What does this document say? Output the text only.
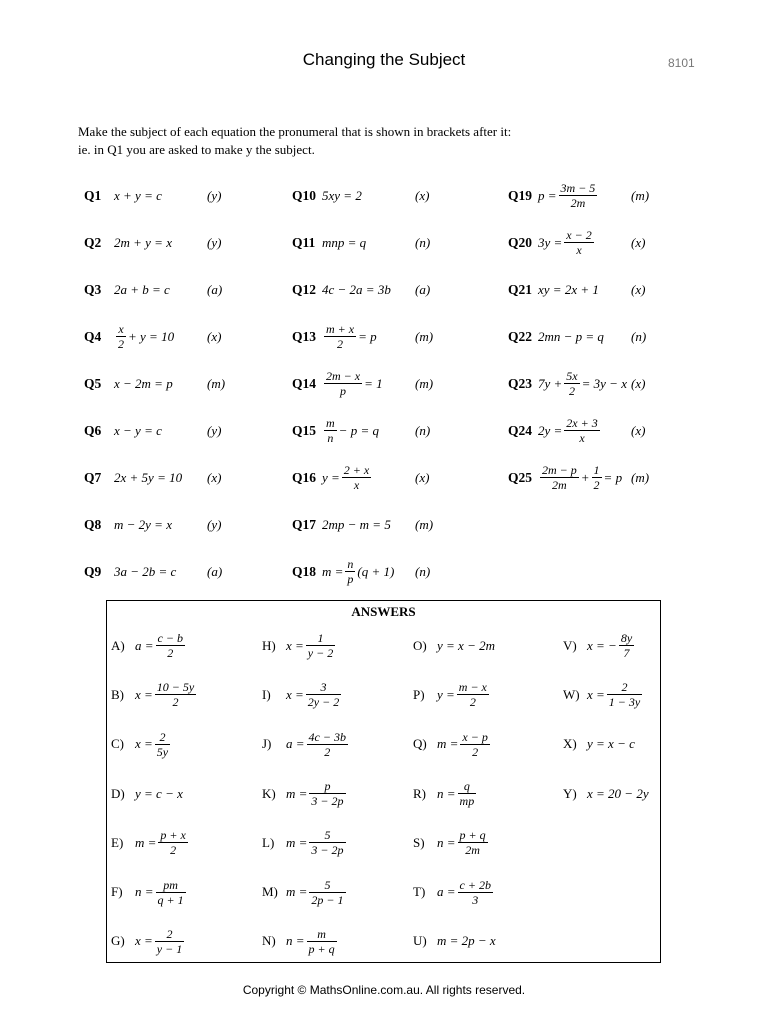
Changing the Subject	8101
Make the subject of each equation the pronumeral that is shown in brackets after it:
ie. in Q1 you are asked to make y the subject.
Q1 x + y = c	(y)
Q2 2m + y = x	(y)
Q3 2a + b = c	(a)
Q4	$\frac{x}{2} + y = 10$	(x)
Q5 x − 2m = p	(m)
Q6 x − y = c	(y)
Q7 2x + 5y = 10 (x)
Q8 m − 2y = x	(y)
Q9 3a − 2b = c (a)
Q10 5xy = 2	(x)
Q11 mnp = q	(n)
Q12 4c − 2a = 3b (a)
$Q13 \frac{m + x}{2} = p$	(m)
$Q14 \frac{2m - x}{p} = 1$ (m)
$Q15 \frac{m}{n} - p = q$	(n)
Q16 $y = \frac{2 + x}{x}$	(x)
Q17 2mp − m = 5 (m)
Q18 $m = \frac{n}{p} (q + 1)$ (n)
Q19 $p = \frac{3m - 5}{2m}$	(m)
Q20 $3y = \frac{x - 2}{x}$	(x)
Q21 xy = 2x + 1 (x)
Q22 2mn − p = q (n)
Q23 $7y + \frac{5x}{2} = 3y - x$ (x)
Q24 $2y = \frac{2x + 3}{x} (x)$
$Q25 \frac{2m - p}{2m} + \frac{1}{2} = p$ (m)
ANSWERS
A) $a = \frac{c - b}{2}$
B) $x = \frac{10 - 5y}{2}$
C) $x = \frac{2}{5y}$
D) y = c − x
E) $m = \frac{p + x}{2}$
F) $n = \frac{pm}{q + 1}$
G) $x = \frac{2}{y - 1}$
H) $x = \frac{1}{y - 2}$
I)	$x = \frac{3}{2y - 2}$
J)	$a = \frac{4c - 3b}{2}$
K) $m = \frac{p}{3 - 2p}$
L) $m = \frac{5}{3 - 2p}$
M) $m = \frac{5}{2p - 1}$
N) $n = \frac{m}{p + q}$
O) y = x − 2m
P) $y = \frac{m - x}{2}$
Q) $m = \frac{x - p}{2}$
R) $n = \frac{q}{mp}$
S) $n = \frac{p + q}{2m}$
T) $a = \frac{c + 2b}{3}$
U) m = 2p − x
V) x = − $\frac{8y}{7}$
W) $x = \frac{2}{1 - 3y}$
X) y = x − c
Y) x = 20 − 2y
Copyright © MathsOnline.com.au. All rights reserved.
